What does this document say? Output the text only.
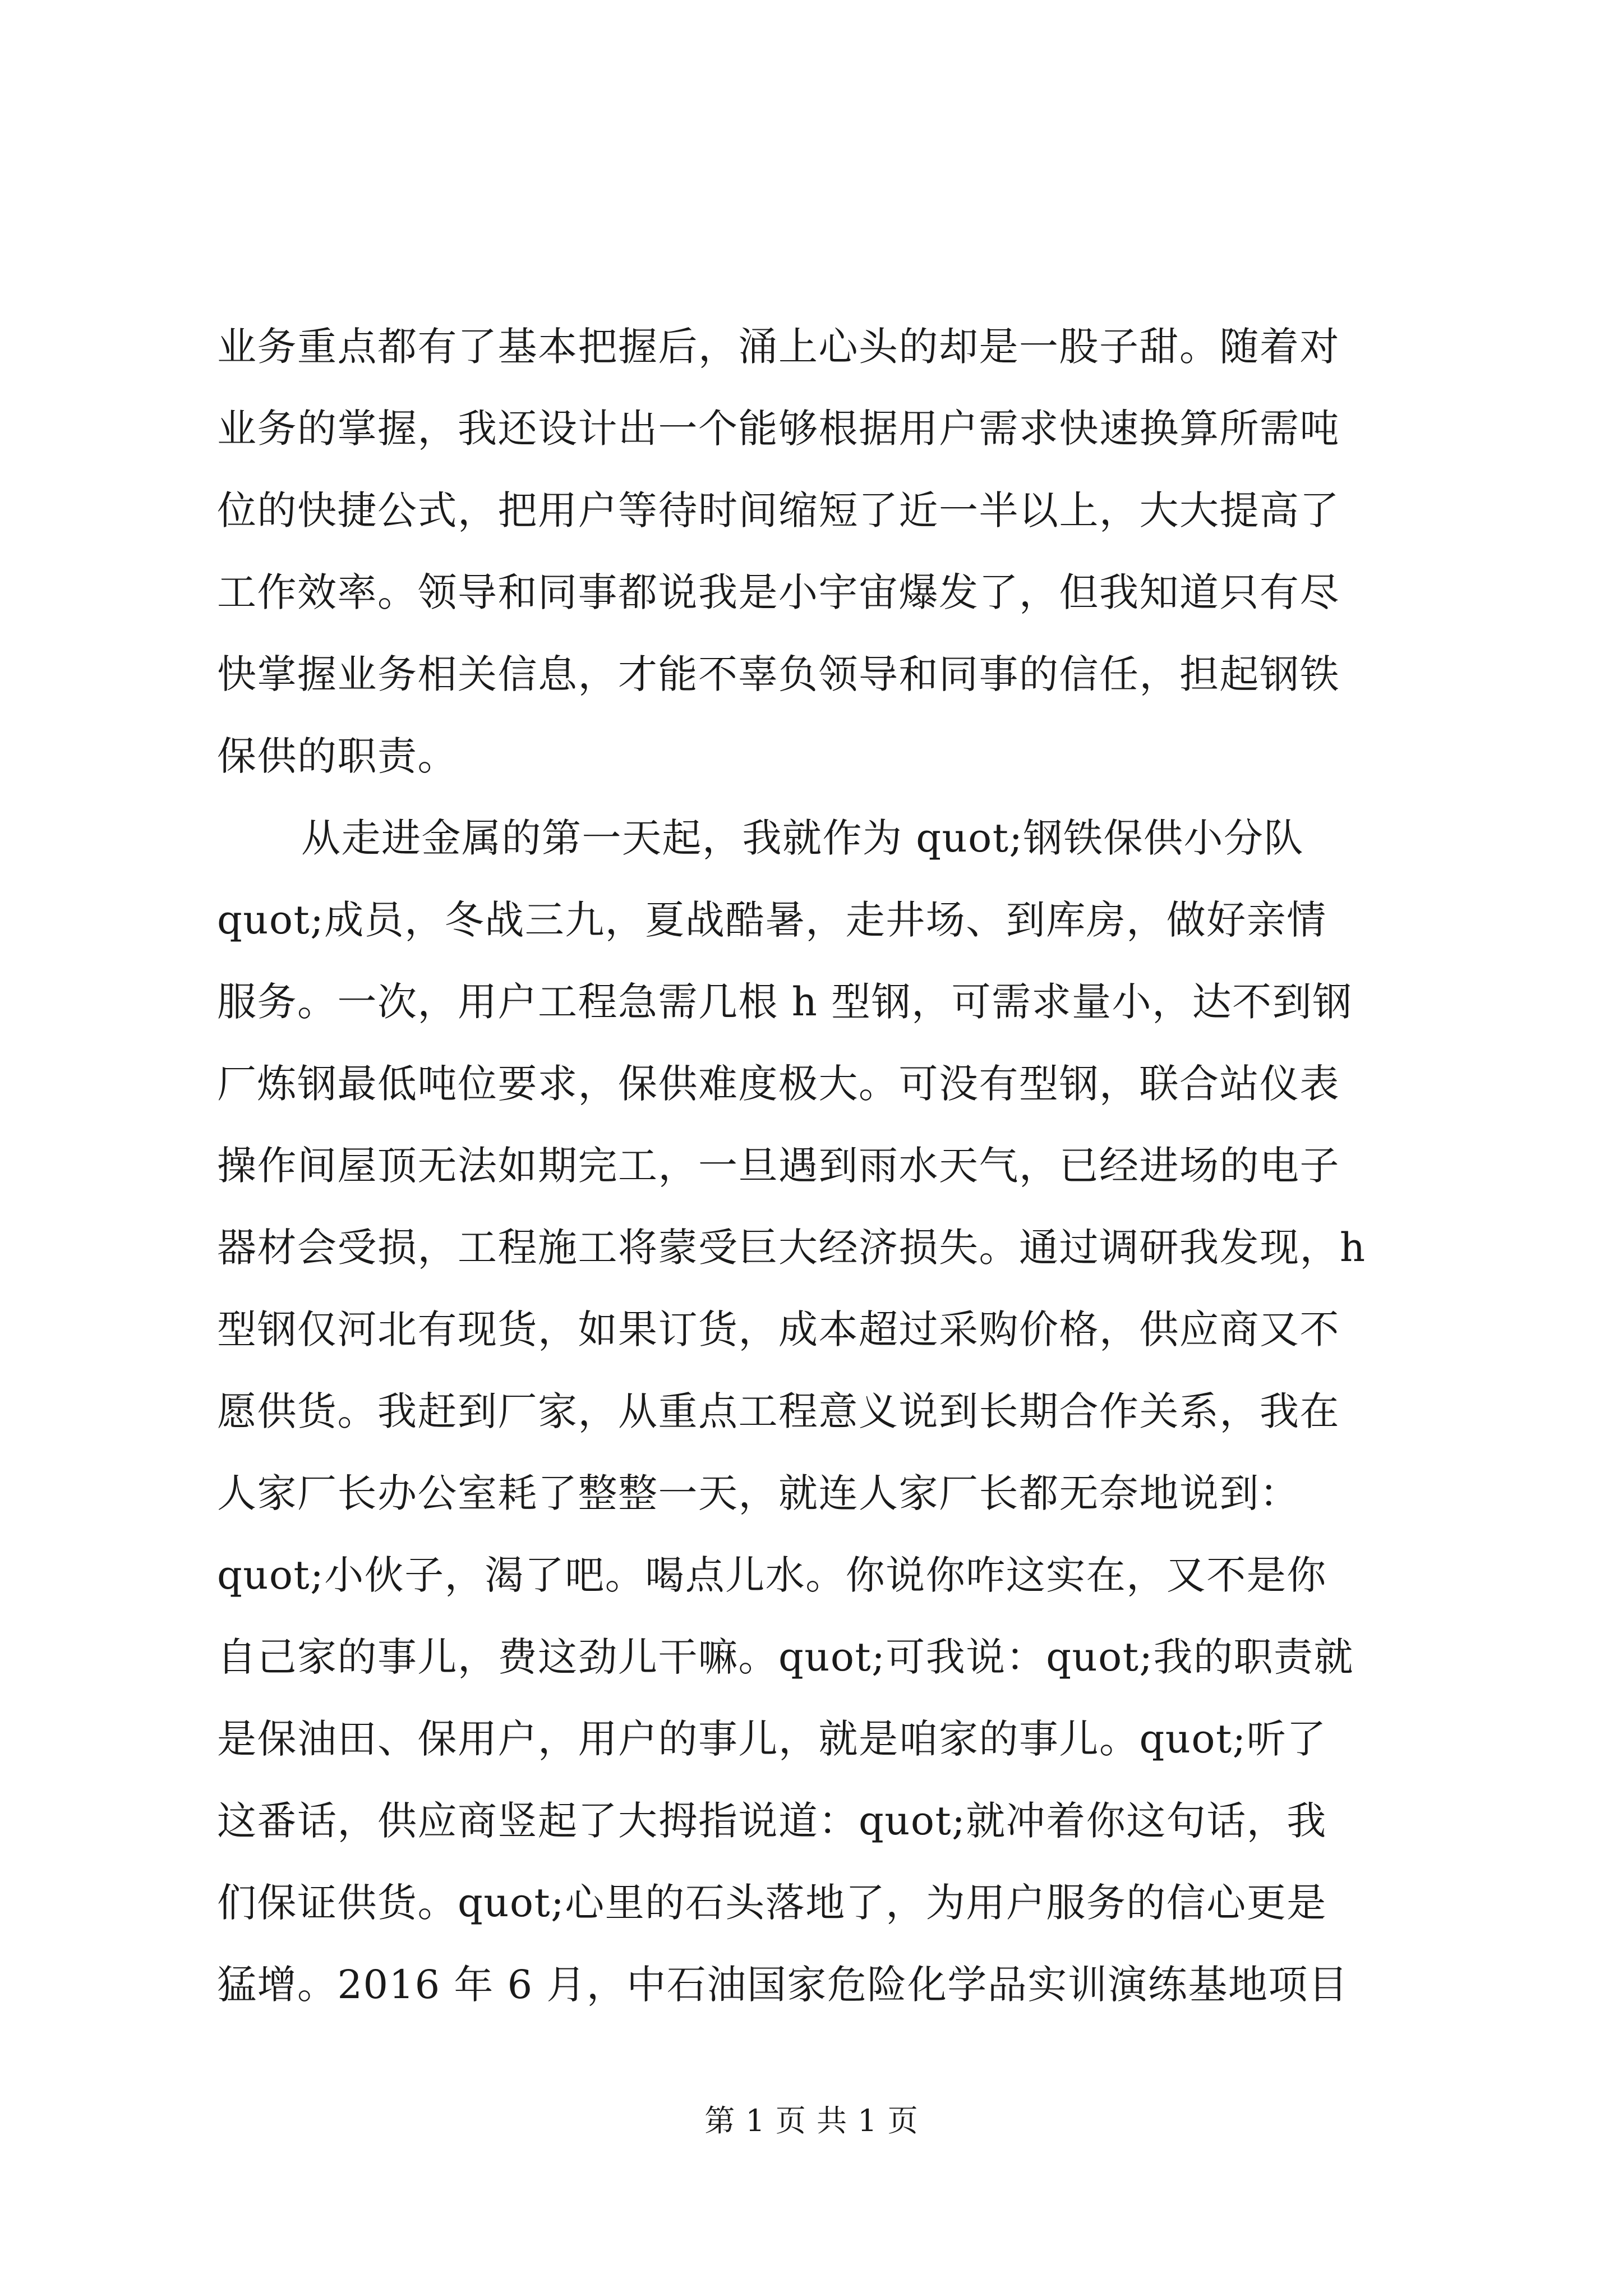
业务重点都有了基本把握后，涌上心头的却是一股子甜。随着对
业务的掌握，我还设计出一个能够根据用户需求快速换算所需吨
位的快捷公式，把用户等待时间缩短了近一半以上，大大提高了
工作效率。领导和同事都说我是小宇宙爆发了，但我知道只有尽
快掌握业务相关信息，才能不辜负领导和同事的信任，担起钢铁
保供的职责。
从走进金属的第一天起，我就作为 quot;钢铁保供小分队
quot;成员，冬战三九，夏战酷暑，走井场、到库房，做好亲情
服务。一次，用户工程急需几根 h 型钢，可需求量小，达不到钢
厂炼钢最低吨位要求，保供难度极大。可没有型钢，联合站仪表
操作间屋顶无法如期完工，一旦遇到雨水天气，已经进场的电子
器材会受损，工程施工将蒙受巨大经济损失。通过调研我发现，h
型钢仅河北有现货，如果订货，成本超过采购价格，供应商又不
愿供货。我赶到厂家，从重点工程意义说到长期合作关系，我在
人家厂长办公室耗了整整一天，就连人家厂长都无奈地说到：
quot;小伙子，渴了吧。喝点儿水。你说你咋这实在，又不是你
自己家的事儿，费这劲儿干嘛。quot;可我说：quot;我的职责就
是保油田、保用户，用户的事儿，就是咱家的事儿。quot;听了
这番话，供应商竖起了大拇指说道：quot;就冲着你这句话，我
们保证供货。quot;心里的石头落地了，为用户服务的信心更是
猛增。2016 年 6 月，中石油国家危险化学品实训演练基地项目
第 1 页 共 1 页
